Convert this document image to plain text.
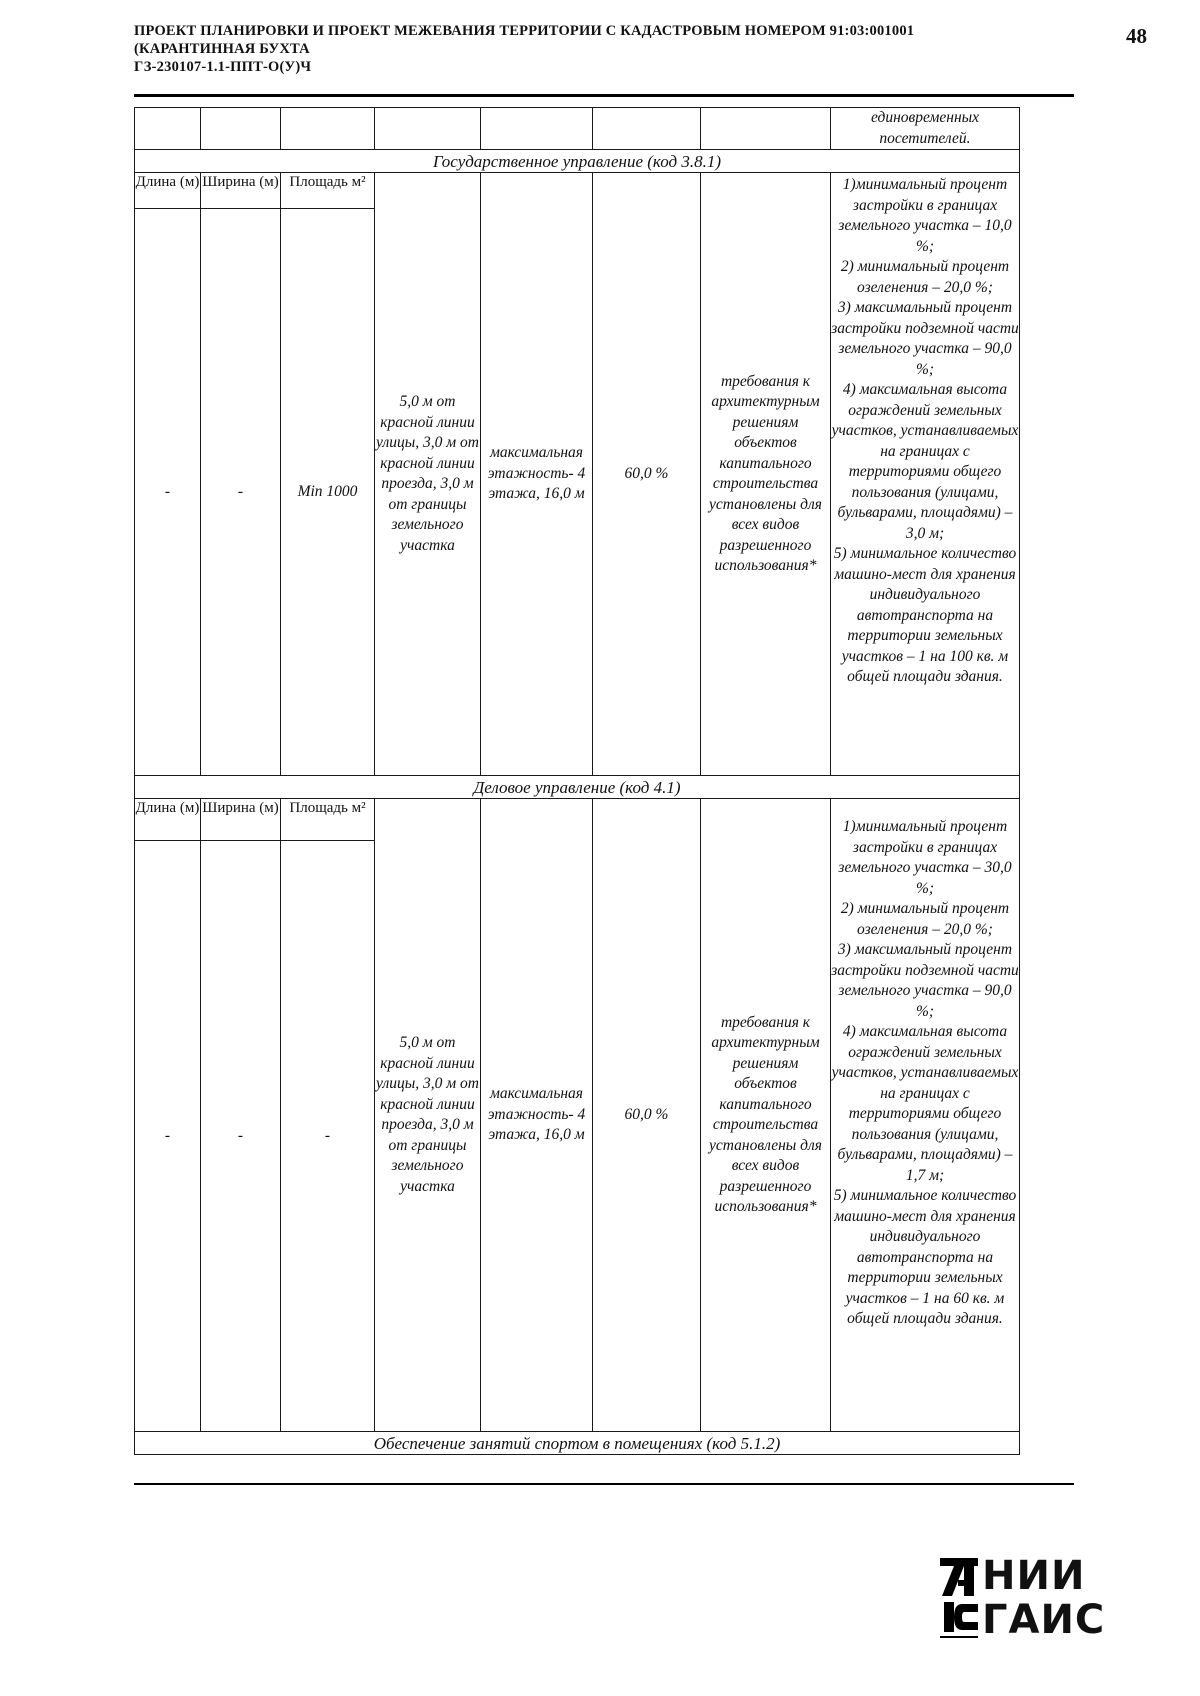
ПРОЕКТ ПЛАНИРОВКИ И ПРОЕКТ МЕЖЕВАНИЯ ТЕРРИТОРИИ С КАДАСТРОВЫМ НОМЕРОМ 91:03:001001
(КАРАНТИННАЯ БУХТА
ГЗ-230107-1.1-ППТ-О(У)Ч
48
							единовременных посетителей.
Государственное управление (код 3.8.1)							
Длина (м)	Ширина (м)	Площадь м²	5,0 м от красной линии улицы, 3,0 м от красной линии проезда, 3,0 м от границы земельного участка	максимальная этажность- 4 этажа, 16,0 м	60,0 %	требования к архитектурным решениям объектов капитального строительства установлены для всех видов разрешенного использования*	1)минимальный процент застройки в границах земельного участка – 10,0 %;
2) минимальный процент озеленения – 20,0 %;
3) максимальный процент застройки подземной части земельного участка – 90,0 %;
4) максимальная высота ограждений земельных участков, устанавливаемых на границах с территориями общего пользования (улицами, бульварами, площадями) – 3,0 м;
5) минимальное количество машино-мест для хранения индивидуального автотранспорта на территории земельных участков – 1 на 100 кв. м общей площади здания.

-	-	Min 1000					
Деловое управление (код 4.1)							
Длина (м)	Ширина (м)	Площадь м²	5,0 м от красной линии улицы, 3,0 м от красной линии проезда, 3,0 м от границы земельного участка	максимальная этажность- 4 этажа, 16,0 м	60,0 %	требования к архитектурным решениям объектов капитального строительства установлены для всех видов разрешенного использования*	1)минимальный процент застройки в границах земельного участка – 30,0 %;
2) минимальный процент озеленения – 20,0 %;
3) максимальный процент застройки подземной части земельного участка – 90,0 %;
4) максимальная высота ограждений земельных участков, устанавливаемых на границах с территориями общего пользования (улицами, бульварами, площадями) – 1,7 м;
5) минимальное количество машино-мест для хранения индивидуального автотранспорта на территории земельных участков – 1 на 60 кв. м общей площади здания.

-	-	-					
Обеспечение занятий спортом в помещениях (код 5.1.2)							
НИИ
ГАИС
